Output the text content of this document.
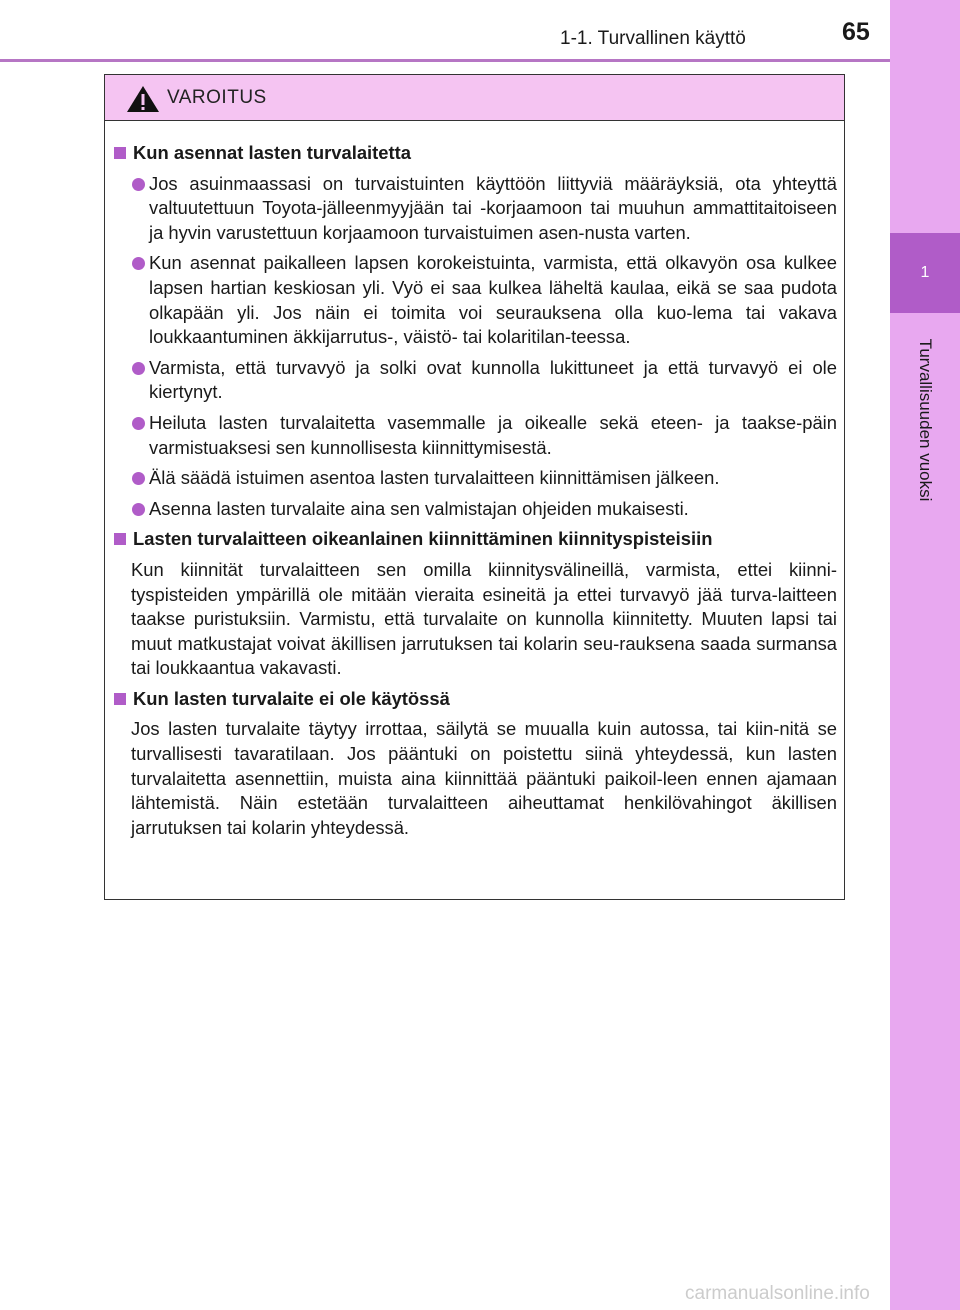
1
Turvallisuuden vuoksi
1-1. Turvallinen käyttö	65
VAROITUS
Kun asennat lasten turvalaitetta
Jos asuinmaassasi on turvaistuinten käyttöön liittyviä määräyksiä, ota yhteyttä valtuutettuun Toyota-jälleenmyyjään tai -korjaamoon tai muuhun ammattitaitoiseen ja hyvin varustettuun korjaamoon turvaistuimen asen-nusta varten.
Kun asennat paikalleen lapsen korokeistuinta, varmista, että olkavyön osa kulkee lapsen hartian keskiosan yli. Vyö ei saa kulkea läheltä kaulaa, eikä se saa pudota olkapään yli. Jos näin ei toimita voi seurauksena olla kuo-lema tai vakava loukkaantuminen äkkijarrutus-, väistö- tai kolaritilan-teessa.
Varmista, että turvavyö ja solki ovat kunnolla lukittuneet ja että turvavyö ei ole kiertynyt.
Heiluta lasten turvalaitetta vasemmalle ja oikealle sekä eteen- ja taakse-päin varmistuaksesi sen kunnollisesta kiinnittymisestä.
Älä säädä istuimen asentoa lasten turvalaitteen kiinnittämisen jälkeen.
Asenna lasten turvalaite aina sen valmistajan ohjeiden mukaisesti.
Lasten turvalaitteen oikeanlainen kiinnittäminen kiinnityspisteisiin
Kun kiinnität turvalaitteen sen omilla kiinnitysvälineillä, varmista, ettei kiinni-tyspisteiden ympärillä ole mitään vieraita esineitä ja ettei turvavyö jää turva-laitteen taakse puristuksiin. Varmistu, että turvalaite on kunnolla kiinnitetty. Muuten lapsi tai muut matkustajat voivat äkillisen jarrutuksen tai kolarin seu-rauksena saada surmansa tai loukkaantua vakavasti.
Kun lasten turvalaite ei ole käytössä
Jos lasten turvalaite täytyy irrottaa, säilytä se muualla kuin autossa, tai kiin-nitä se turvallisesti tavaratilaan. Jos pääntuki on poistettu siinä yhteydessä, kun lasten turvalaitetta asennettiin, muista aina kiinnittää pääntuki paikoil-leen ennen ajamaan lähtemistä. Näin estetään turvalaitteen aiheuttamat henkilövahingot äkillisen jarrutuksen tai kolarin yhteydessä.
carmanualsonline.info
